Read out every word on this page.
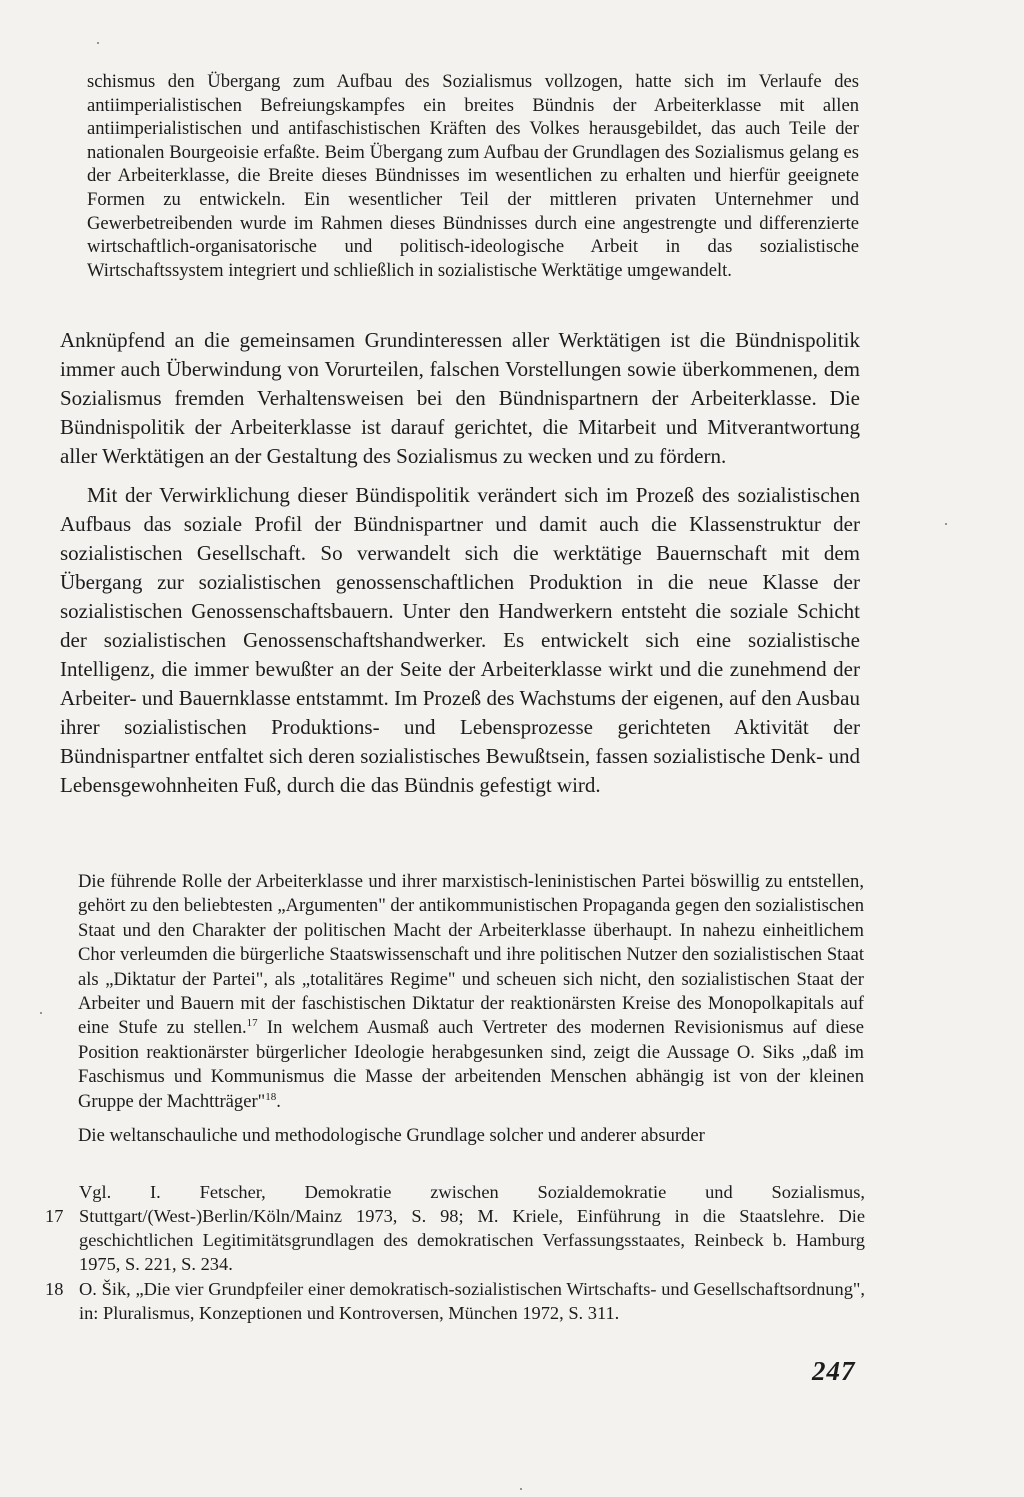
schismus den Übergang zum Aufbau des Sozialismus vollzogen, hatte sich im Verlaufe des antiimperialistischen Befreiungskampfes ein breites Bündnis der Arbeiterklasse mit allen antiimperialistischen und antifaschistischen Kräften des Volkes herausgebildet, das auch Teile der nationalen Bourgeoisie erfaßte. Beim Übergang zum Aufbau der Grundlagen des Sozialismus gelang es der Arbeiterklasse, die Breite dieses Bündnisses im wesentlichen zu erhalten und hierfür geeignete Formen zu entwickeln. Ein wesentlicher Teil der mittleren privaten Unternehmer und Gewerbetreibenden wurde im Rahmen dieses Bündnisses durch eine angestrengte und differenzierte wirtschaftlich-organisatorische und politisch-ideologische Arbeit in das sozialistische Wirtschaftssystem integriert und schließlich in sozialistische Werktätige umgewandelt.

Anknüpfend an die gemeinsamen Grundinteressen aller Werktätigen ist die Bündnispolitik immer auch Überwindung von Vorurteilen, falschen Vorstellungen sowie überkommenen, dem Sozialismus fremden Verhaltensweisen bei den Bündnispartnern der Arbeiterklasse. Die Bündnispolitik der Arbeiterklasse ist darauf gerichtet, die Mitarbeit und Mitverantwortung aller Werktätigen an der Gestaltung des Sozialismus zu wecken und zu fördern.

Mit der Verwirklichung dieser Bündispolitik verändert sich im Prozeß des sozialistischen Aufbaus das soziale Profil der Bündnispartner und damit auch die Klassenstruktur der sozialistischen Gesellschaft. So verwandelt sich die werktätige Bauernschaft mit dem Übergang zur sozialistischen genossenschaftlichen Produktion in die neue Klasse der sozialistischen Genossenschaftsbauern. Unter den Handwerkern entsteht die soziale Schicht der sozialistischen Genossenschaftshandwerker. Es entwickelt sich eine sozialistische Intelligenz, die immer bewußter an der Seite der Arbeiterklasse wirkt und die zunehmend der Arbeiter- und Bauernklasse entstammt. Im Prozeß des Wachstums der eigenen, auf den Ausbau ihrer sozialistischen Produktions- und Lebensprozesse gerichteten Aktivität der Bündnispartner entfaltet sich deren sozialistisches Bewußtsein, fassen sozialistische Denk- und Lebensgewohnheiten Fuß, durch die das Bündnis gefestigt wird.

Die führende Rolle der Arbeiterklasse und ihrer marxistisch-leninistischen Partei böswillig zu entstellen, gehört zu den beliebtesten „Argumenten" der antikommunistischen Propaganda gegen den sozialistischen Staat und den Charakter der politischen Macht der Arbeiterklasse überhaupt. In nahezu einheitlichem Chor verleumden die bürgerliche Staatswissenschaft und ihre politischen Nutzer den sozialistischen Staat als „Diktatur der Partei", als „totalitäres Regime" und scheuen sich nicht, den sozialistischen Staat der Arbeiter und Bauern mit der faschistischen Diktatur der reaktionärsten Kreise des Monopolkapitals auf eine Stufe zu stellen.$^{17}$ In welchem Ausmaß auch Vertreter des modernen Revisionismus auf diese Position reaktionärster bürgerlicher Ideologie herabgesunken sind, zeigt die Aussage O. Siks „daß im Faschismus und Kommunismus die Masse der arbeitenden Menschen abhängig ist von der kleinen Gruppe der Machtträger"$^{18}$.

Die weltanschauliche und methodologische Grundlage solcher und anderer absurder

17
Vgl. I. Fetscher, Demokratie zwischen Sozialdemokratie und Sozialismus, Stuttgart/(West-)Berlin/Köln/Mainz 1973, S. 98; M. Kriele, Einführung in die Staatslehre. Die geschichtlichen Legitimitätsgrundlagen des demokratischen Verfassungsstaates, Reinbeck b. Hamburg 1975, S. 221, S. 234.
18 O. Šik, „Die vier Grundpfeiler einer demokratisch-sozialistischen Wirtschafts- und Gesellschaftsordnung", in: Pluralismus, Konzeptionen und Kontroversen, München 1972, S. 311.
247
